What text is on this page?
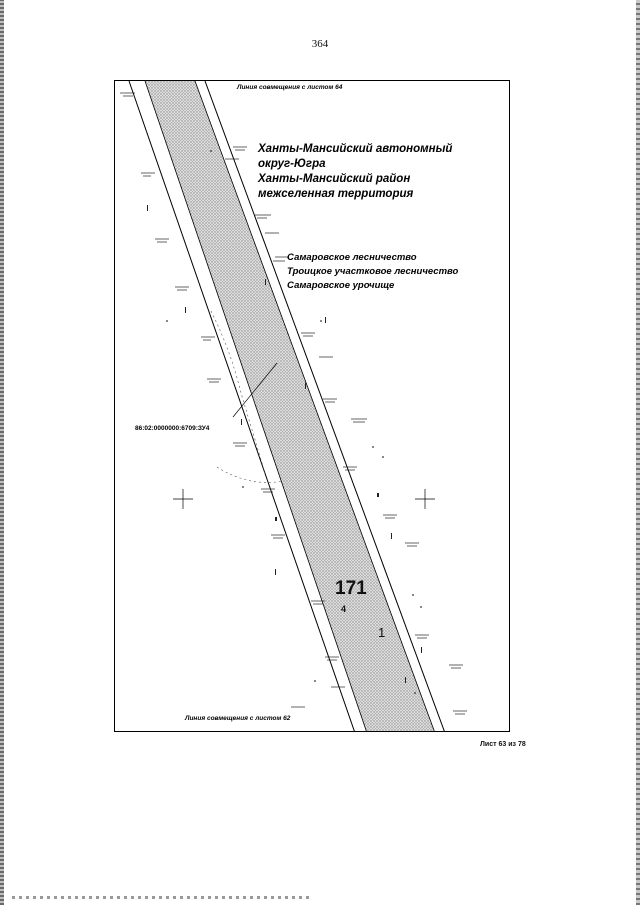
364
Линия совмещения с листом 64
Ханты-Мансийский автономный
округ-Югра
Ханты-Мансийский район
межселенная территория
Самаровское лесничество
Троицкое участковое лесничество
Самаровское урочище
86:02:0000000:6709:ЗУ4
171
4
1
Линия совмещения с листом 62
Лист 63 из 78
